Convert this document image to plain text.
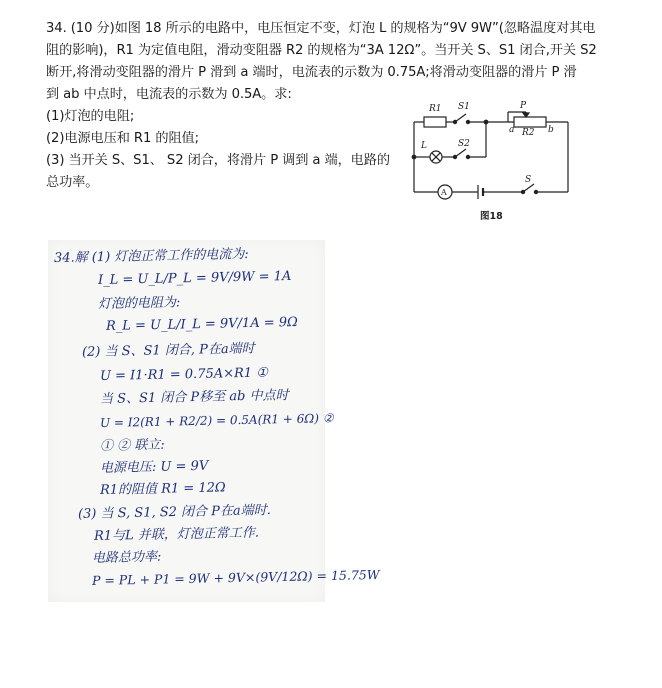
34. (10 分)如图 18 所示的电路中，电压恒定不变，灯泡 L 的规格为“9V 9W”(忽略温度对其电
阻的影响)，R1 为定值电阻，滑动变阻器 R2 的规格为“3A 12Ω”。当开关 S、S1 闭合,开关 S2
断开,将滑动变阻器的滑片 P 滑到 a 端时，电流表的示数为 0.75A;将滑动变阻器的滑片 P 滑
到 ab 中点时，电流表的示数为 0.5A。求:
(1)灯泡的电阻;
(2)电源电压和 R1 的阻值;
(3) 当开关 S、S1、 S2 闭合，将滑片 P 调到 a 端，电路的
总功率。
R1 S1	P
a R2 b
L	S2
A
S
图18
34.解 (1) 灯泡正常工作的电流为:
I_L = U_L/P_L = 9V/9W = 1A
灯泡的电阻为:
R_L = U_L/I_L = 9V/1A = 9Ω
(2) 当 S、S1 闭合, P在a端时
U = I1·R1 = 0.75A×R1 ①
当 S、S1 闭合 P移至 ab 中点时
U = I2(R1 + R2/2) = 0.5A(R1 + 6Ω) ②
① ② 联立:
电源电压: U = 9V
R1的阻值 R1 = 12Ω
(3) 当 S, S1, S2 闭合 P在a端时.
R1与L 并联，灯泡正常工作.
电路总功率:
P = PL + P1 = 9W + 9V×(9V/12Ω) = 15.75W
